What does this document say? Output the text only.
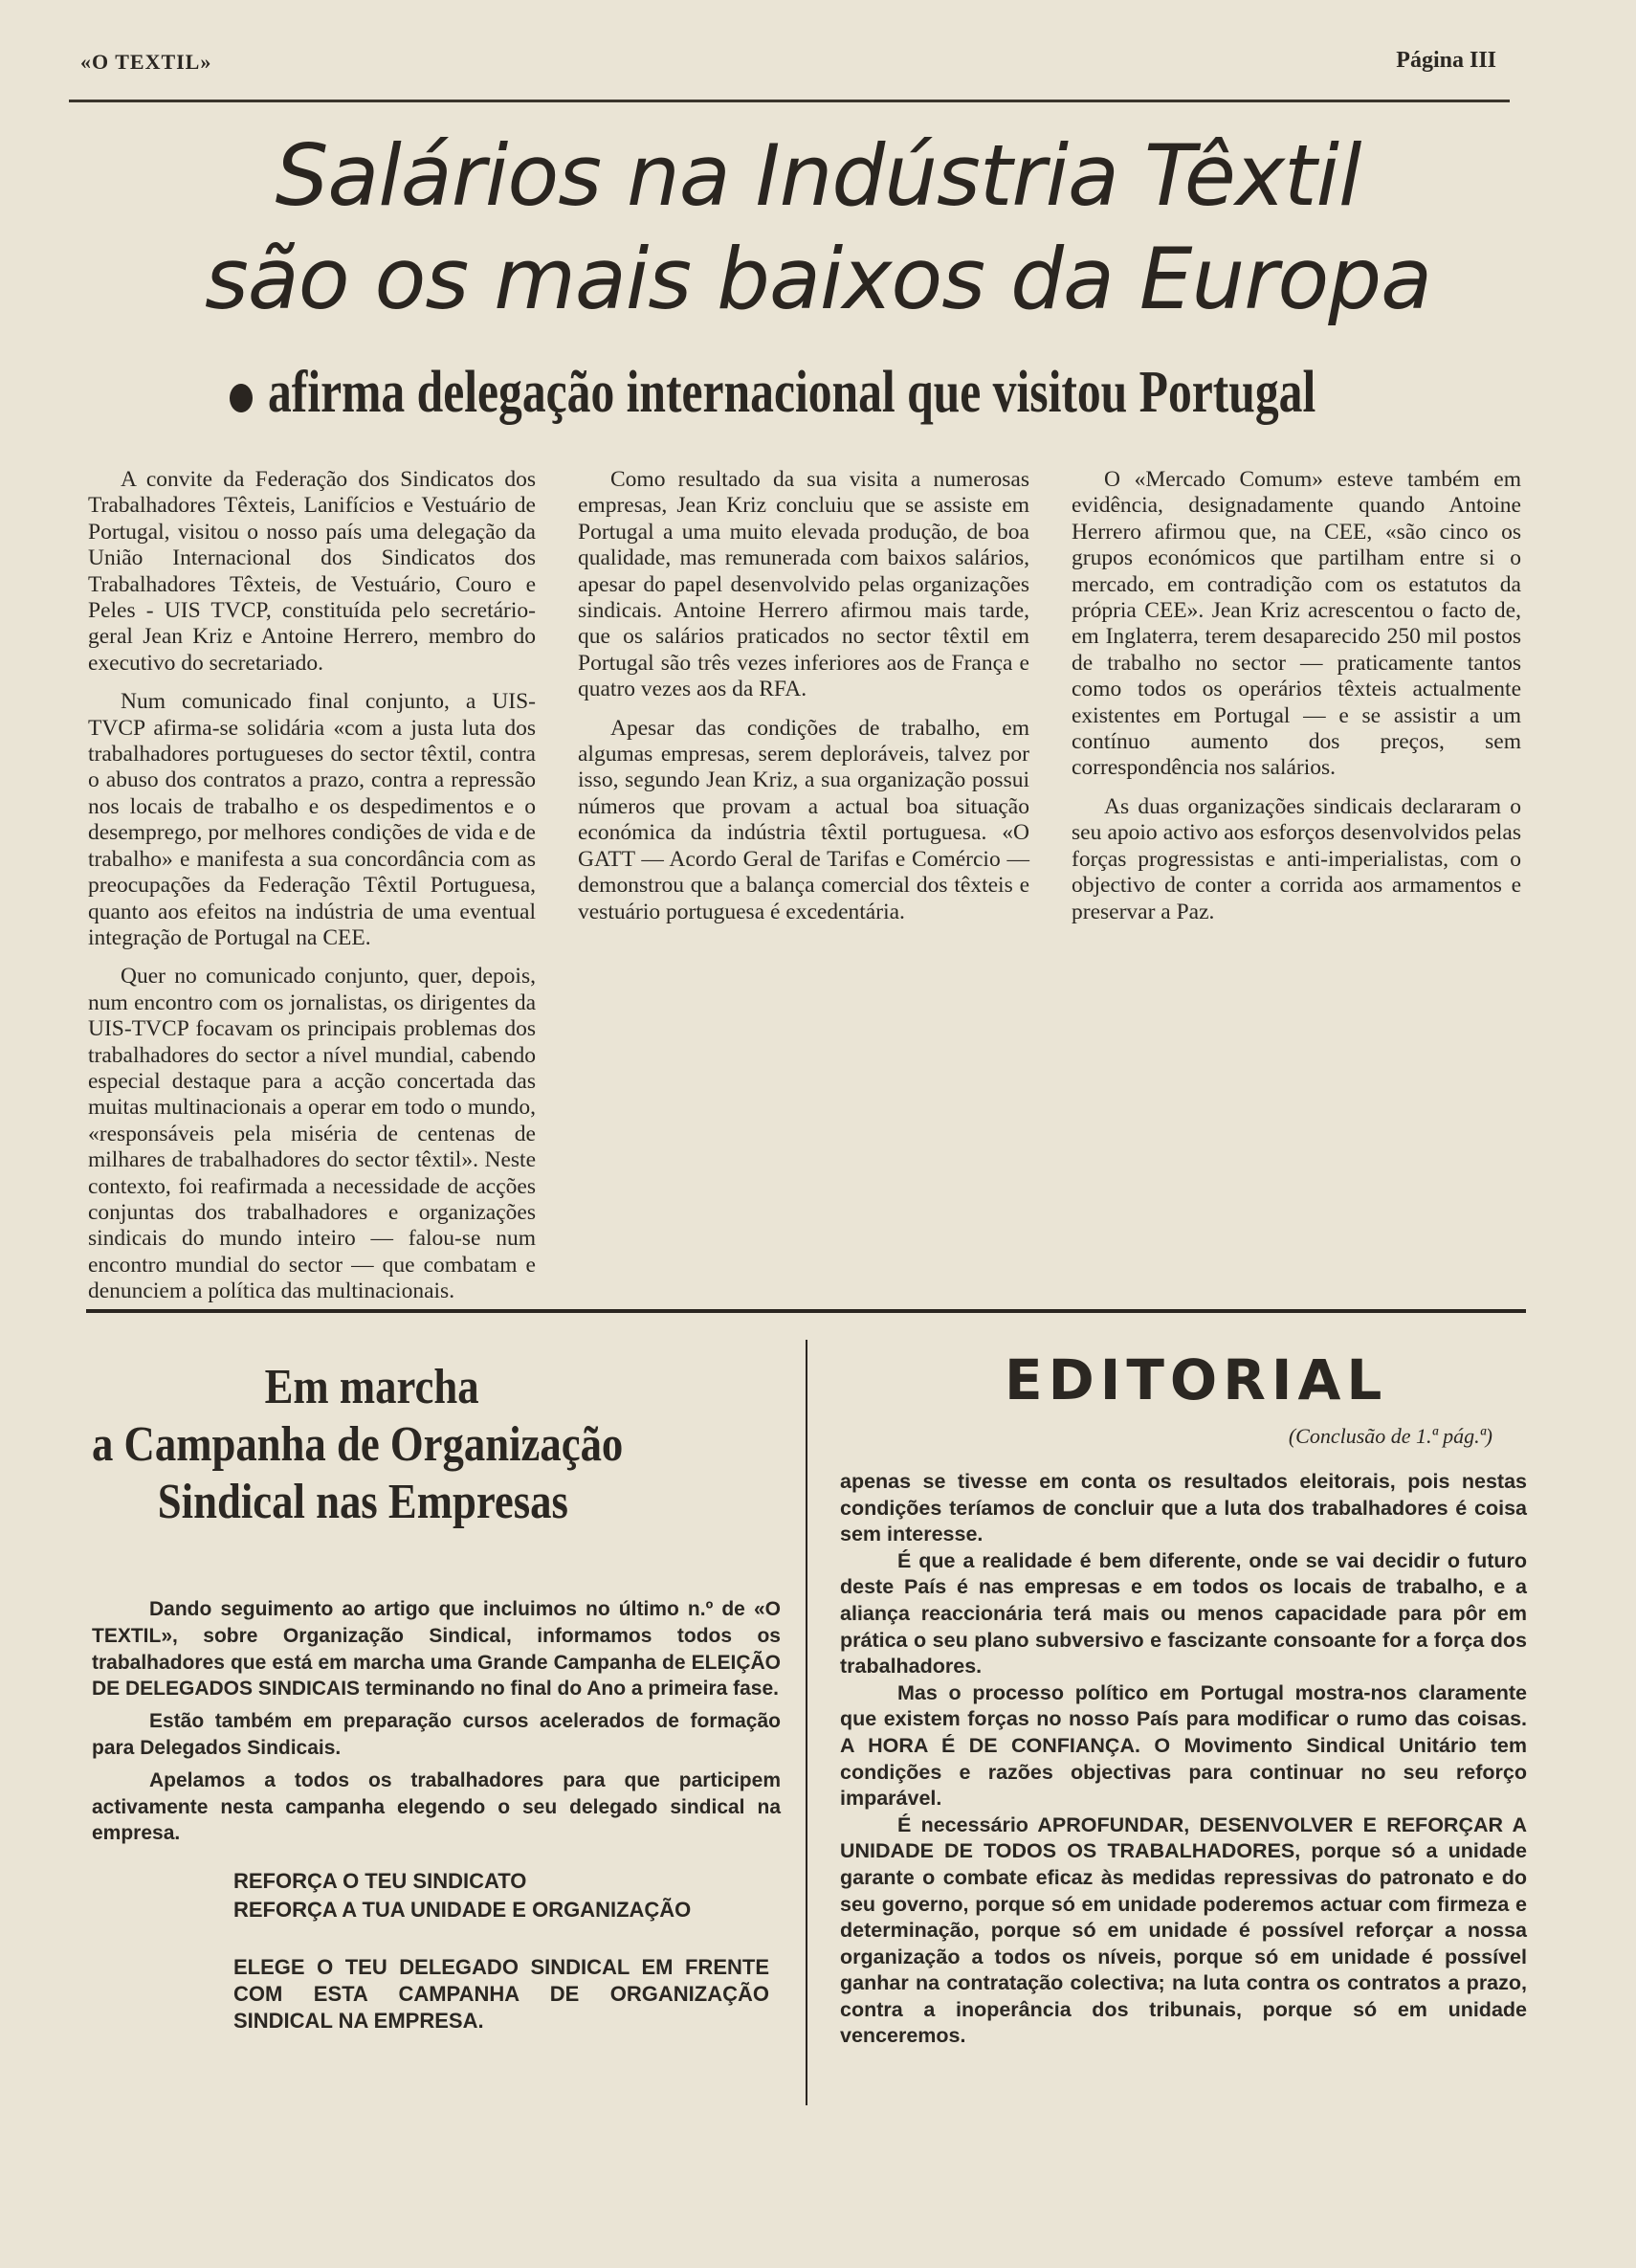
«O TEXTIL»	Página III
Salários na Indústria Têxtil
são os mais baixos da Europa
afirma delegação internacional que visitou Portugal

A convite da Federação dos Sindicatos dos Trabalhadores Têxteis, Lanifícios e Vestuário de Portugal, visitou o nosso país uma delegação da União Internacional dos Sindicatos dos Trabalhadores Têxteis, de Vestuário, Couro e Peles - UIS TVCP, constituída pelo secretário-geral Jean Kriz e Antoine Herrero, membro do executivo do secretariado.

Num comunicado final conjunto, a UIS-TVCP afirma-se solidária «com a justa luta dos trabalhadores portugueses do sector têxtil, contra o abuso dos contratos a prazo, contra a repressão nos locais de trabalho e os despedimentos e o desemprego, por melhores condições de vida e de trabalho» e manifesta a sua concordância com as preocupações da Federação Têxtil Portuguesa, quanto aos efeitos na indústria de uma eventual integração de Portugal na CEE.

Quer no comunicado conjunto, quer, depois, num encontro com os jornalistas, os dirigentes da UIS-TVCP focavam os principais problemas dos trabalhadores do sector a nível mundial, cabendo especial destaque para a acção concertada das muitas multinacionais a operar em todo o mundo, «responsáveis pela miséria de centenas de milhares de trabalhadores do sector têxtil». Neste contexto, foi reafirmada a necessidade de acções conjuntas dos trabalhadores e organizações sindicais do mundo inteiro — falou-se num encontro mundial do sector — que combatam e denunciem a política das multinacionais.

Como resultado da sua visita a numerosas empresas, Jean Kriz concluiu que se assiste em Portugal a uma muito elevada produção, de boa qualidade, mas remunerada com baixos salários, apesar do papel desenvolvido pelas organizações sindicais. Antoine Herrero afirmou mais tarde, que os salários praticados no sector têxtil em Portugal são três vezes inferiores aos de França e quatro vezes aos da RFA.

Apesar das condições de trabalho, em algumas empresas, serem deploráveis, talvez por isso, segundo Jean Kriz, a sua organização possui números que provam a actual boa situação económica da indústria têxtil portuguesa. «O GATT — Acordo Geral de Tarifas e Comércio — demonstrou que a balança comercial dos têxteis e vestuário portuguesa é excedentária.

O «Mercado Comum» esteve também em evidência, designadamente quando Antoine Herrero afirmou que, na CEE, «são cinco os grupos económicos que partilham entre si o mercado, em contradição com os estatutos da própria CEE». Jean Kriz acrescentou o facto de, em Inglaterra, terem desaparecido 250 mil postos de trabalho no sector — praticamente tantos como todos os operários têxteis actualmente existentes em Portugal — e se assistir a um contínuo aumento dos preços, sem correspondência nos salários.

As duas organizações sindicais declararam o seu apoio activo aos esforços desenvolvidos pelas forças progressistas e anti-imperialistas, com o objectivo de conter a corrida aos armamentos e preservar a Paz.

Em marcha
a Campanha de Organização
Sindical nas Empresas

Dando seguimento ao artigo que incluimos no último n.º de «O TEXTIL», sobre Organização Sindical, informamos todos os trabalhadores que está em marcha uma Grande Campanha de ELEIÇÃO DE DELEGADOS SINDICAIS terminando no final do Ano a primeira fase.

Estão também em preparação cursos acelerados de formação para Delegados Sindicais.

Apelamos a todos os trabalhadores para que participem activamente nesta campanha elegendo o seu delegado sindical na empresa.

REFORÇA O TEU SINDICATO
REFORÇA A TUA UNIDADE E ORGANIZAÇÃO
ELEGE O TEU DELEGADO SINDICAL EM FRENTE COM ESTA CAMPANHA DE ORGANIZAÇÃO SINDICAL NA EMPRESA.
EDITORIAL
(Conclusão de 1.ª pág.ª)

apenas se tivesse em conta os resultados eleitorais, pois nestas condições teríamos de concluir que a luta dos trabalhadores é coisa sem interesse.

É que a realidade é bem diferente, onde se vai decidir o futuro deste País é nas empresas e em todos os locais de trabalho, e a aliança reaccionária terá mais ou menos capacidade para pôr em prática o seu plano subversivo e fascizante consoante for a força dos trabalhadores.

Mas o processo político em Portugal mostra-nos claramente que existem forças no nosso País para modificar o rumo das coisas. A HORA É DE CONFIANÇA. O Movimento Sindical Unitário tem condições e razões objectivas para continuar no seu reforço imparável.

É necessário APROFUNDAR, DESENVOLVER E REFORÇAR A UNIDADE DE TODOS OS TRABALHADORES, porque só a unidade garante o combate eficaz às medidas repressivas do patronato e do seu governo, porque só em unidade poderemos actuar com firmeza e determinação, porque só em unidade é possível reforçar a nossa organização a todos os níveis, porque só em unidade é possível ganhar na contratação colectiva; na luta contra os contratos a prazo, contra a inoperância dos tribunais, porque só em unidade venceremos.
